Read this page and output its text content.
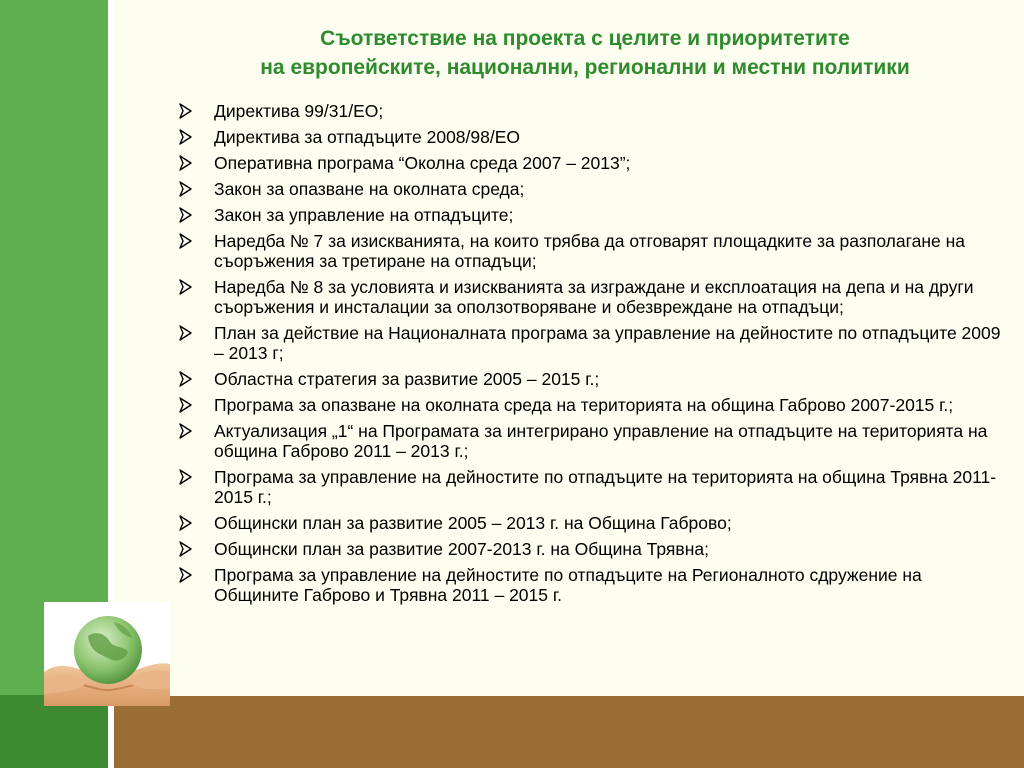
Съответствие на проекта с целите и приоритетите
на европейските, национални, регионални и местни политики
Директива 99/31/ЕО;
Директива за отпадъците 2008/98/ЕО
Оперативна програма “Околна среда 2007 – 2013”;
Закон за опазване на околната среда;
Закон за управление на отпадъците;
Наредба № 7 за изискванията, на които трябва да отговарят площадките за разполагане на съоръжения за третиране на отпадъци;
Наредба № 8 за условията и изискванията за изграждане и експлоатация на депа и на други съоръжения и инсталации за оползотворяване и обезвреждане на отпадъци;
План за действие на Националната програма за управление на дейностите по отпадъците 2009 – 2013 г;
Областна стратегия за развитие 2005 – 2015 г.;
Програма за опазване на околната среда на територията на община Габрово 2007-2015 г.;
Актуализация „1“ на Програмата за интегрирано управление на отпадъците на територията на община Габрово 2011 – 2013 г.;
Програма за управление на дейностите по отпадъците на територията на община Трявна 2011-2015 г.;
Общински план за развитие 2005 – 2013 г. на Община Габрово;
Общински план за развитие 2007-2013 г. на Община Трявна;
Програма за управление на дейностите по отпадъците на Регионалното сдружение на Общините Габрово и Трявна 2011 – 2015 г.
